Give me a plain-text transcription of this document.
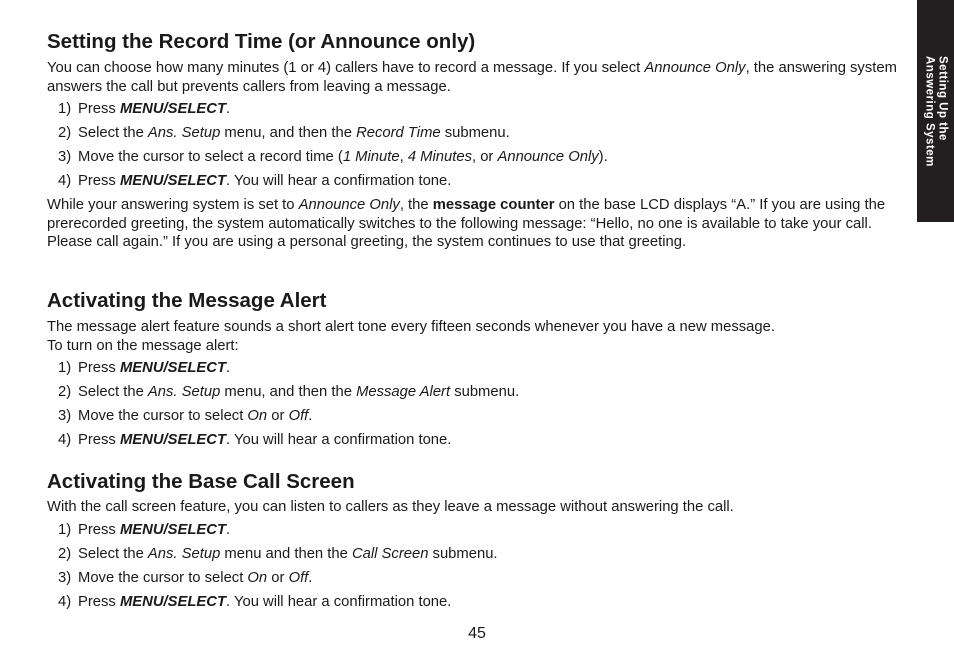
Setting Up the
Answering System
Setting the Record Time (or Announce only)

You can choose how many minutes (1 or 4) callers have to record a message. If you select Announce Only, the answering system answers the call but prevents callers from leaving a message.

1) Press MENU/SELECT.
2) Select the Ans. Setup menu, and then the Record Time submenu.
3) Move the cursor to select a record time (1 Minute, 4 Minutes, or Announce Only).
4) Press MENU/SELECT. You will hear a confirmation tone.

While your answering system is set to Announce Only, the message counter on the base LCD displays “A.” If you are using the prerecorded greeting, the system automatically switches to the following message: “Hello, no one is available to take your call. Please call again.” If you are using a personal greeting, the system continues to use that greeting.

Activating the Message Alert

The message alert feature sounds a short alert tone every fifteen seconds whenever you have a new message.
To turn on the message alert:

1) Press MENU/SELECT.
2) Select the Ans. Setup menu, and then the Message Alert submenu.
3) Move the cursor to select On or Off.
4) Press MENU/SELECT. You will hear a confirmation tone.
Activating the Base Call Screen

With the call screen feature, you can listen to callers as they leave a message without answering the call.

1) Press MENU/SELECT.
2) Select the Ans. Setup menu and then the Call Screen submenu.
3) Move the cursor to select On or Off.
4) Press MENU/SELECT. You will hear a confirmation tone.
45
